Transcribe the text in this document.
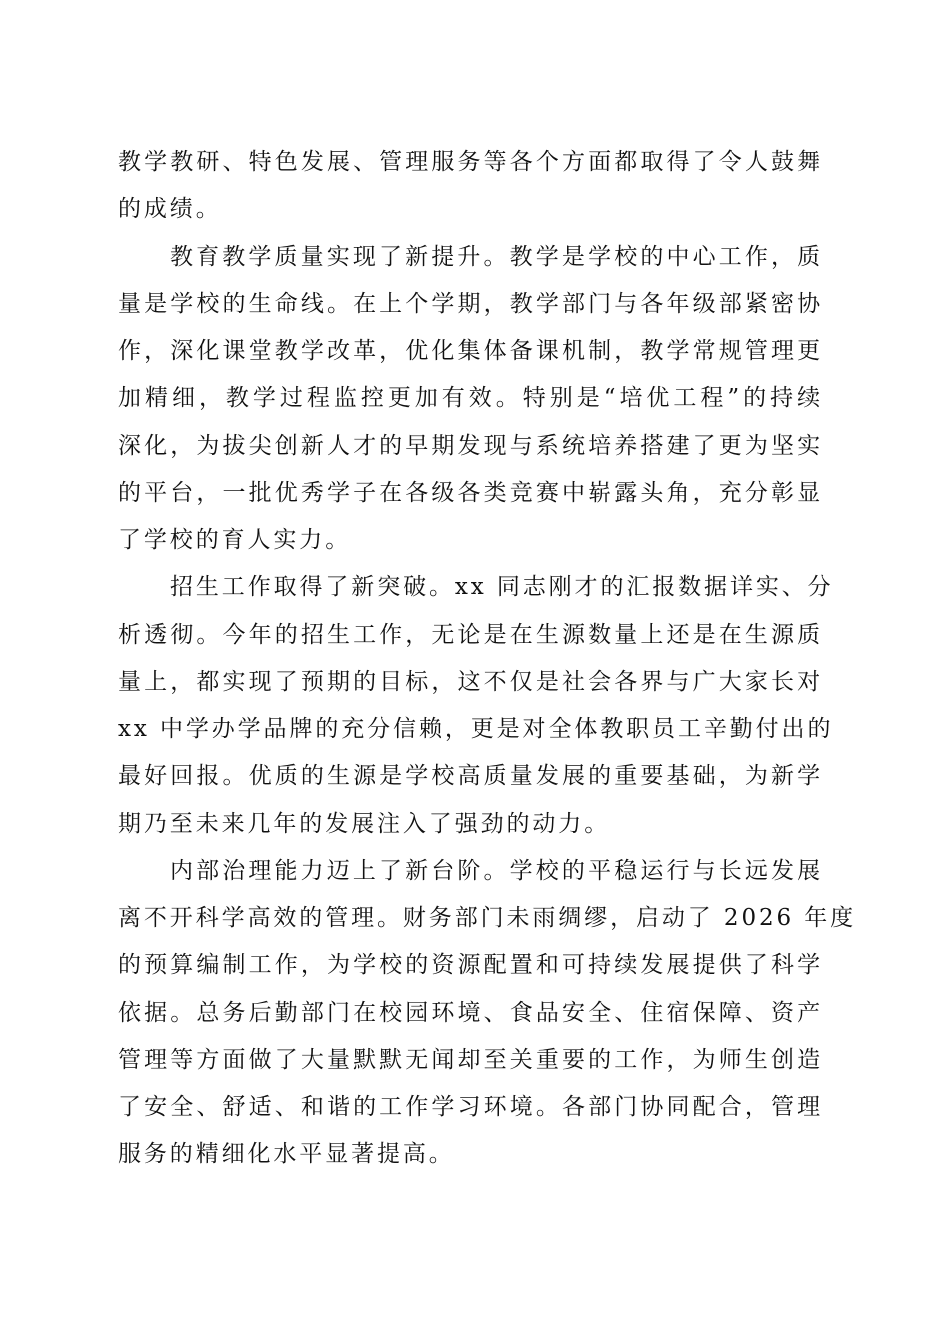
教学教研、特色发展、管理服务等各个方面都取得了令人鼓舞
的成绩。
教育教学质量实现了新提升。教学是学校的中心工作，质
量是学校的生命线。在上个学期，教学部门与各年级部紧密协
作，深化课堂教学改革，优化集体备课机制，教学常规管理更
加精细，教学过程监控更加有效。特别是“培优工程”的持续
深化，为拔尖创新人才的早期发现与系统培养搭建了更为坚实
的平台，一批优秀学子在各级各类竞赛中崭露头角，充分彰显
了学校的育人实力。
招生工作取得了新突破。xx 同志刚才的汇报数据详实、分
析透彻。今年的招生工作，无论是在生源数量上还是在生源质
量上，都实现了预期的目标，这不仅是社会各界与广大家长对
xx 中学办学品牌的充分信赖，更是对全体教职员工辛勤付出的
最好回报。优质的生源是学校高质量发展的重要基础，为新学
期乃至未来几年的发展注入了强劲的动力。
内部治理能力迈上了新台阶。学校的平稳运行与长远发展
离不开科学高效的管理。财务部门未雨绸缪，启动了 2026 年度
的预算编制工作，为学校的资源配置和可持续发展提供了科学
依据。总务后勤部门在校园环境、食品安全、住宿保障、资产
管理等方面做了大量默默无闻却至关重要的工作，为师生创造
了安全、舒适、和谐的工作学习环境。各部门协同配合，管理
服务的精细化水平显著提高。
